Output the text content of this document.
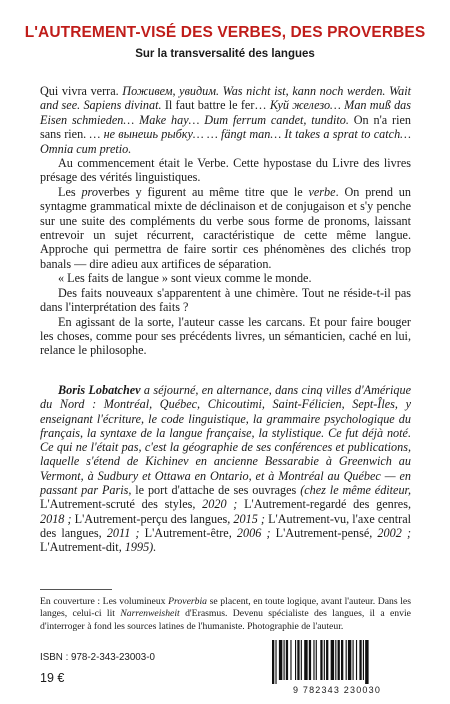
L'AUTREMENT-VISÉ DES VERBES, DES PROVERBES
Sur la transversalité des langues

Qui vivra verra. Поживем, увидим. Was nicht ist, kann noch werden. Wait and see. Sapiens divinat. Il faut battre le fer… Куй железо… Man muß das Eisen schmieden… Make hay… Dum ferrum candet, tundito. On n'a rien sans rien. … не вынешь рыбку… … fängt man… It takes a sprat to catch… Omnia cum pretio.

Au commencement était le Verbe. Cette hypostase du Livre des livres présage des vérités linguistiques.

Les proverbes y figurent au même titre que le verbe. On prend un syntagme grammatical mixte de déclinaison et de conjugaison et s'y penche sur une suite des compléments du verbe sous forme de pronoms, laissant entrevoir un sujet récurrent, caractéristique de cette même langue. Approche qui permettra de faire sortir ces phénomènes des clichés trop banals — dire adieu aux artifices de séparation.

« Les faits de langue » sont vieux comme le monde.

Des faits nouveaux s'apparentent à une chimère. Tout ne réside-t-il pas dans l'interprétation des faits ?

En agissant de la sorte, l'auteur casse les carcans. Et pour faire bouger les choses, comme pour ses précédents livres, un sémanticien, caché en lui, relance le philosophe.

Boris Lobatchev a séjourné, en alternance, dans cinq villes d'Amérique du Nord : Montréal, Québec, Chicoutimi, Saint-Félicien, Sept-Îles, y enseignant l'écriture, le code linguistique, la grammaire psychologique du français, la syntaxe de la langue française, la stylistique. Ce fut déjà noté. Ce qui ne l'était pas, c'est la géographie de ses conférences et publications, laquelle s'étend de Kichinev en ancienne Bessarabie à Greenwich au Vermont, à Sudbury et Ottawa en Ontario, et à Montréal au Québec — en passant par Paris, le port d'attache de ses ouvrages (chez le même éditeur, L'Autrement-scruté des styles, 2020 ; L'Autrement-regardé des genres, 2018 ; L'Autrement-perçu des langues, 2015 ; L'Autrement-vu, l'axe central des langues, 2011 ; L'Autrement-être, 2006 ; L'Autrement-pensé, 2002 ; L'Autrement-dit, 1995).

En couverture : Les volumineux Proverbia se placent, en toute logique, avant l'auteur. Dans les langes, celui-ci lit Narrenweisheit d'Erasmus. Devenu spécialiste des langues, il a envie d'interroger à fond les sources latines de l'humaniste. Photographie de l'auteur.
ISBN : 978-2-343-23003-0
19 €
9 782343 230030
